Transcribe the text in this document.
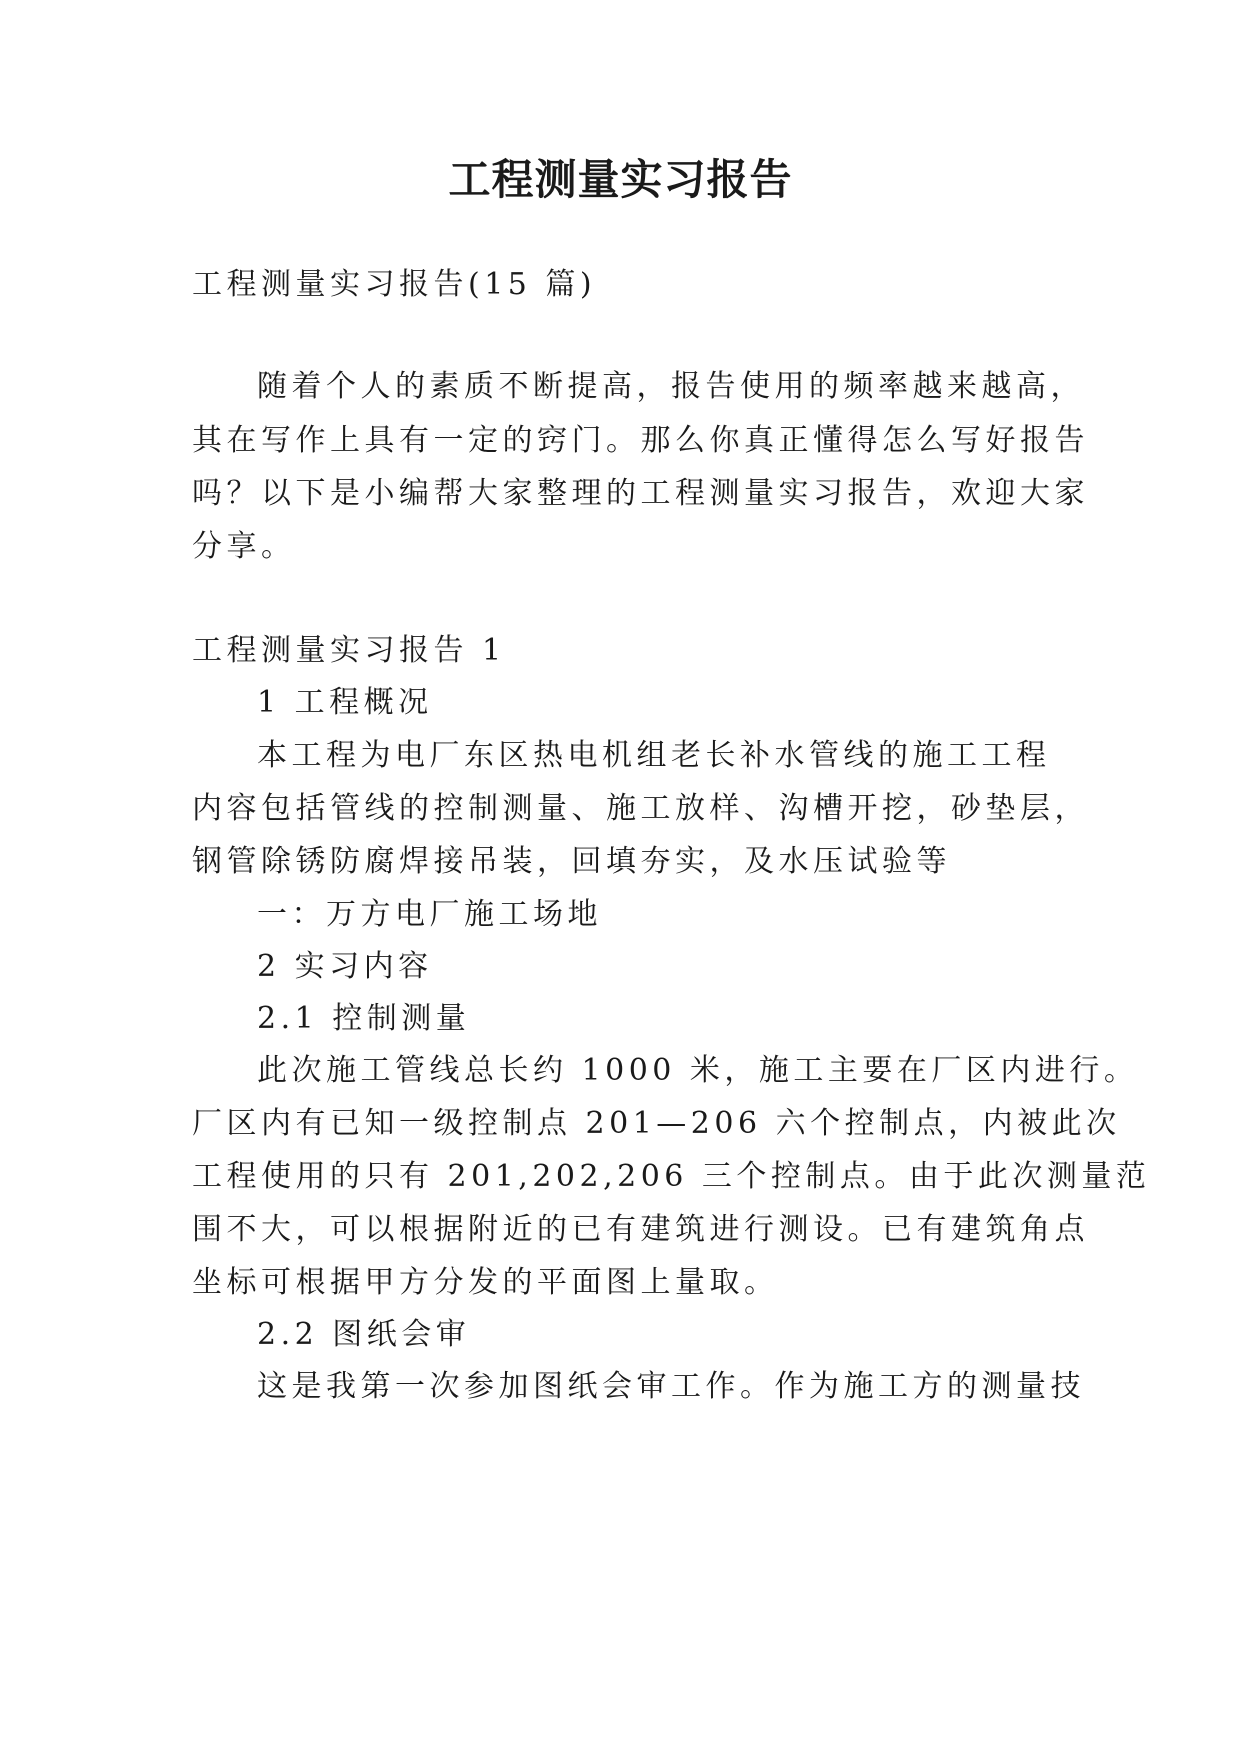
工程测量实习报告
工程测量实习报告(15 篇)
随着个人的素质不断提高，报告使用的频率越来越高，
其在写作上具有一定的窍门。那么你真正懂得怎么写好报告
吗？以下是小编帮大家整理的工程测量实习报告，欢迎大家
分享。
工程测量实习报告 1
1 工程概况
本工程为电厂东区热电机组老长补水管线的施工工程
内容包括管线的控制测量、施工放样、沟槽开挖，砂垫层，
钢管除锈防腐焊接吊装，回填夯实，及水压试验等
一：万方电厂施工场地
2 实习内容
2.1 控制测量
此次施工管线总长约 1000 米，施工主要在厂区内进行。
厂区内有已知一级控制点 201—206 六个控制点，内被此次
工程使用的只有 201,202,206 三个控制点。由于此次测量范
围不大，可以根据附近的已有建筑进行测设。已有建筑角点
坐标可根据甲方分发的平面图上量取。
2.2 图纸会审
这是我第一次参加图纸会审工作。作为施工方的测量技
